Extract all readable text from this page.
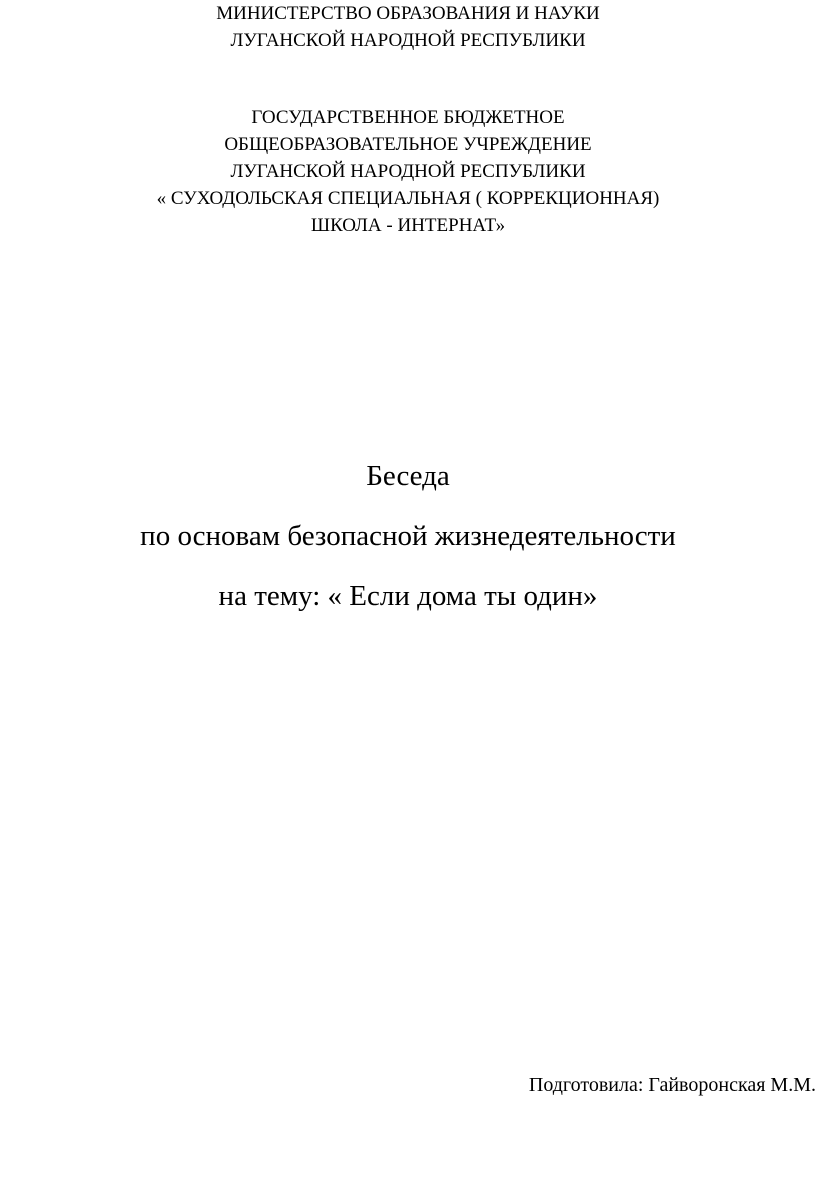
МИНИСТЕРСТВО ОБРАЗОВАНИЯ И НАУКИ
ЛУГАНСКОЙ НАРОДНОЙ РЕСПУБЛИКИ
ГОСУДАРСТВЕННОЕ БЮДЖЕТНОЕ
ОБЩЕОБРАЗОВАТЕЛЬНОЕ УЧРЕЖДЕНИЕ
ЛУГАНСКОЙ НАРОДНОЙ РЕСПУБЛИКИ
« СУХОДОЛЬСКАЯ СПЕЦИАЛЬНАЯ ( КОРРЕКЦИОННАЯ)
ШКОЛА - ИНТЕРНАТ»
Беседа
по основам безопасной жизнедеятельности
на тему: « Если дома ты один»
Подготовила: Гайворонская М.М.
